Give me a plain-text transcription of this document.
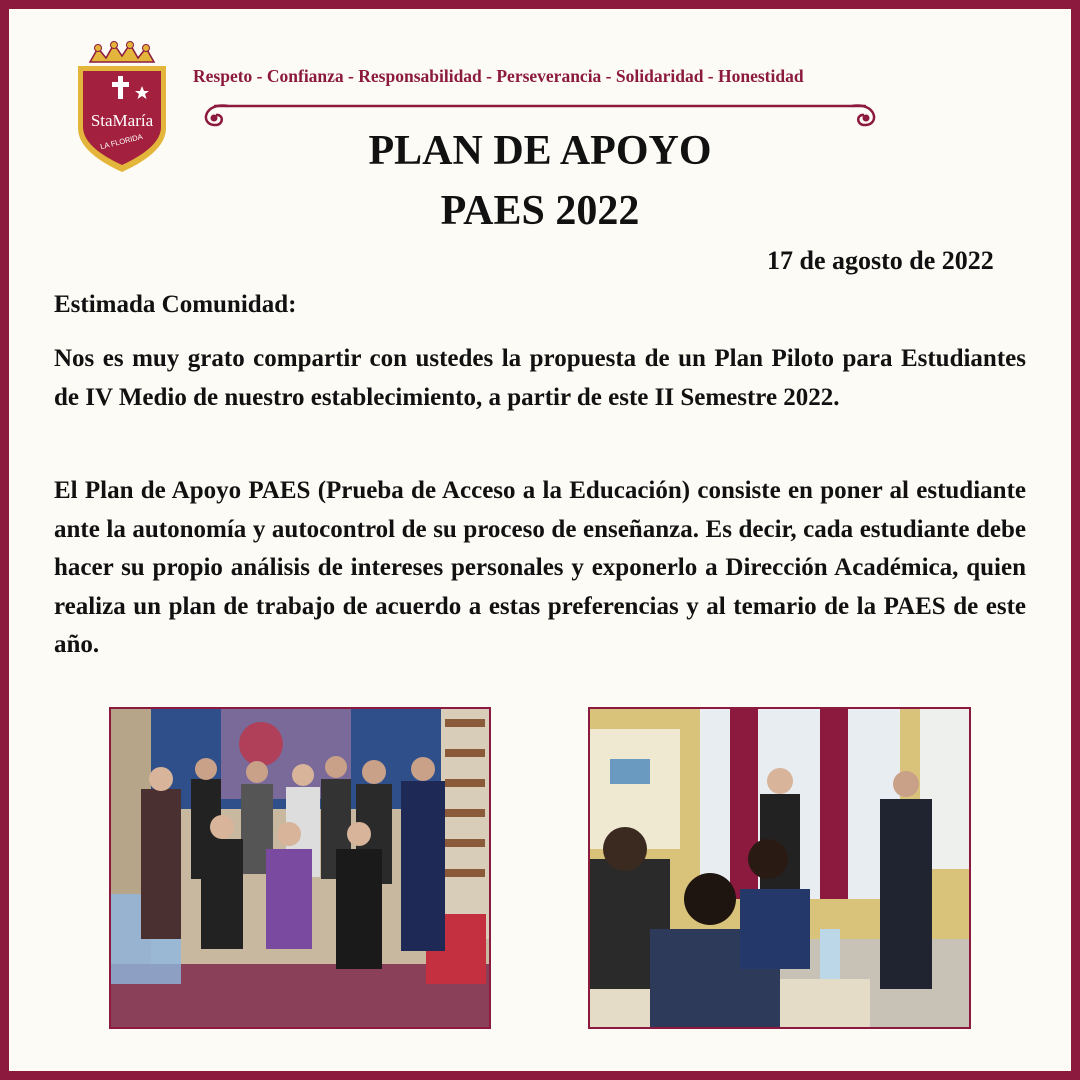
StaMaría
LA FLORIDA
Respeto - Confianza - Responsabilidad - Perseverancia - Solidaridad - Honestidad
PLAN DE APOYO
PAES 2022
17 de agosto de 2022
Estimada Comunidad:

Nos es muy grato compartir con ustedes la propuesta de un Plan Piloto para Estudiantes de IV Medio de nuestro establecimiento, a partir de este II Semestre 2022.

El Plan de Apoyo PAES (Prueba de Acceso a la Educación) consiste en poner al estudiante ante la autonomía y autocontrol de su proceso de enseñanza. Es decir, cada estudiante debe hacer su propio análisis de intereses personales y exponerlo a Dirección Académica, quien realiza un plan de trabajo de acuerdo a estas preferencias y al temario de la PAES de este año.
